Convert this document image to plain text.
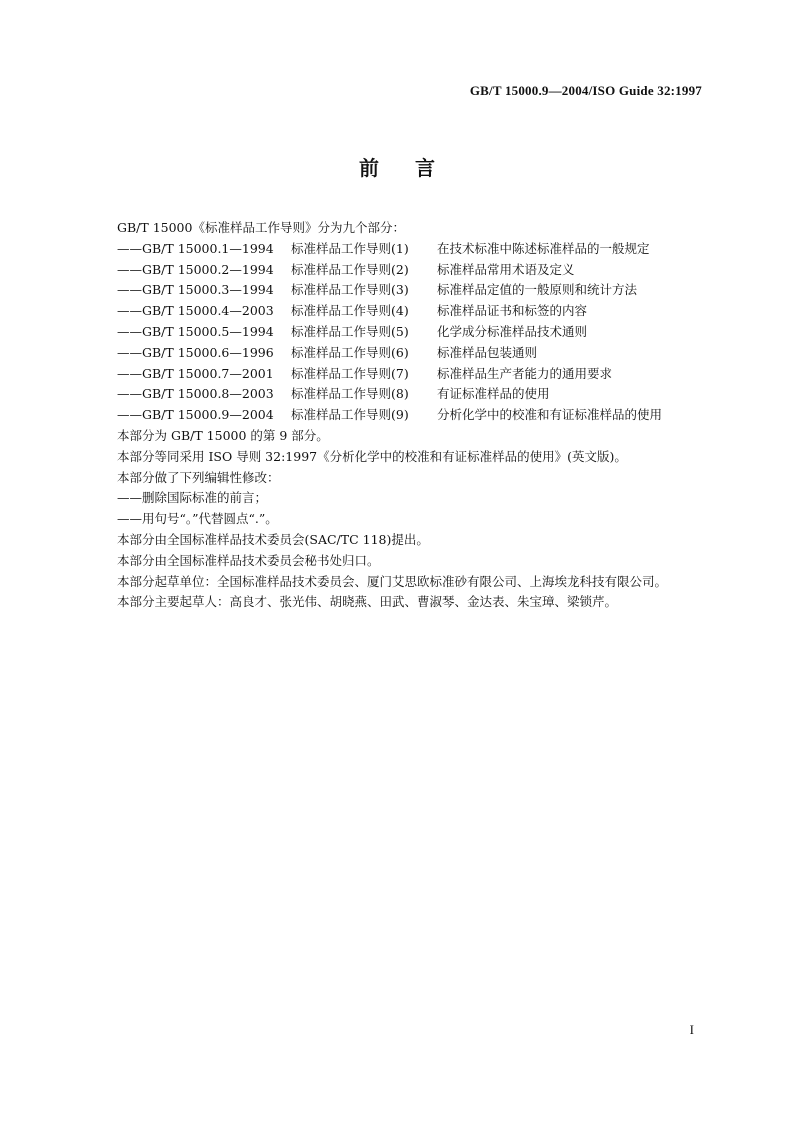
GB/T 15000.9—2004/ISO Guide 32:1997
前言
GB/T 15000《标准样品工作导则》分为九个部分：
——GB/T 15000.1—1994	标准样品工作导则(1)	在技术标准中陈述标准样品的一般规定
——GB/T 15000.2—1994	标准样品工作导则(2)	标准样品常用术语及定义
——GB/T 15000.3—1994	标准样品工作导则(3)	标准样品定值的一般原则和统计方法
——GB/T 15000.4—2003	标准样品工作导则(4)	标准样品证书和标签的内容
——GB/T 15000.5—1994	标准样品工作导则(5)	化学成分标准样品技术通则
——GB/T 15000.6—1996	标准样品工作导则(6)	标准样品包装通则
——GB/T 15000.7—2001	标准样品工作导则(7)	标准样品生产者能力的通用要求
——GB/T 15000.8—2003	标准样品工作导则(8)	有证标准样品的使用
——GB/T 15000.9—2004	标准样品工作导则(9)	分析化学中的校准和有证标准样品的使用
本部分为 GB/T 15000 的第 9 部分。
本部分等同采用 ISO 导则 32:1997《分析化学中的校准和有证标准样品的使用》(英文版)。
本部分做了下列编辑性修改：
——删除国际标准的前言；
——用句号“。”代替圆点“.”。
本部分由全国标准样品技术委员会(SAC/TC 118)提出。
本部分由全国标准样品技术委员会秘书处归口。
本部分起草单位：全国标准样品技术委员会、厦门艾思欧标准砂有限公司、上海埃龙科技有限公司。
本部分主要起草人：高良才、张光伟、胡晓燕、田武、曹淑琴、金达表、朱宝璋、梁锁芹。
I
